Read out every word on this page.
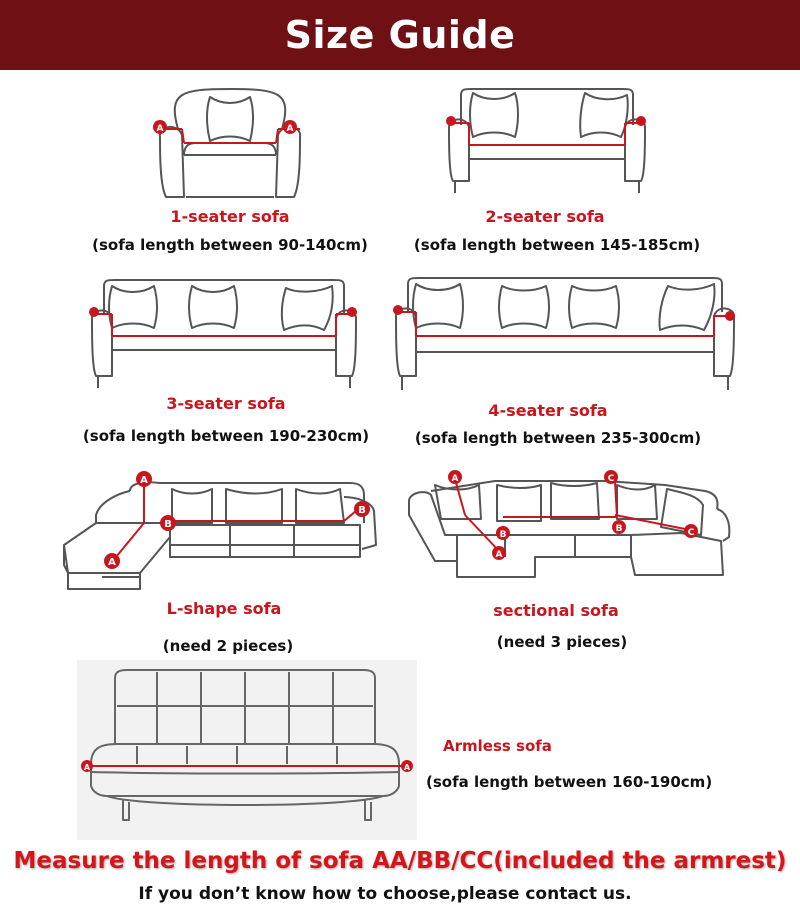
Size Guide
A	A
1-seater sofa
(sofa length between 90-140cm)
2-seater sofa
(sofa length between 145-185cm)
3-seater sofa
(sofa length between 190-230cm)
4-seater sofa
(sofa length between 235-300cm)
A
A
B
B
L-shape sofa
(need 2 pieces)
A
A
B
B
C
C
sectional sofa
(need 3 pieces)
A	A
Armless sofa
(sofa length between 160-190cm)
Measure the length of sofa AA/BB/CC(included the armrest)
If you don’t know how to choose,please contact us.
